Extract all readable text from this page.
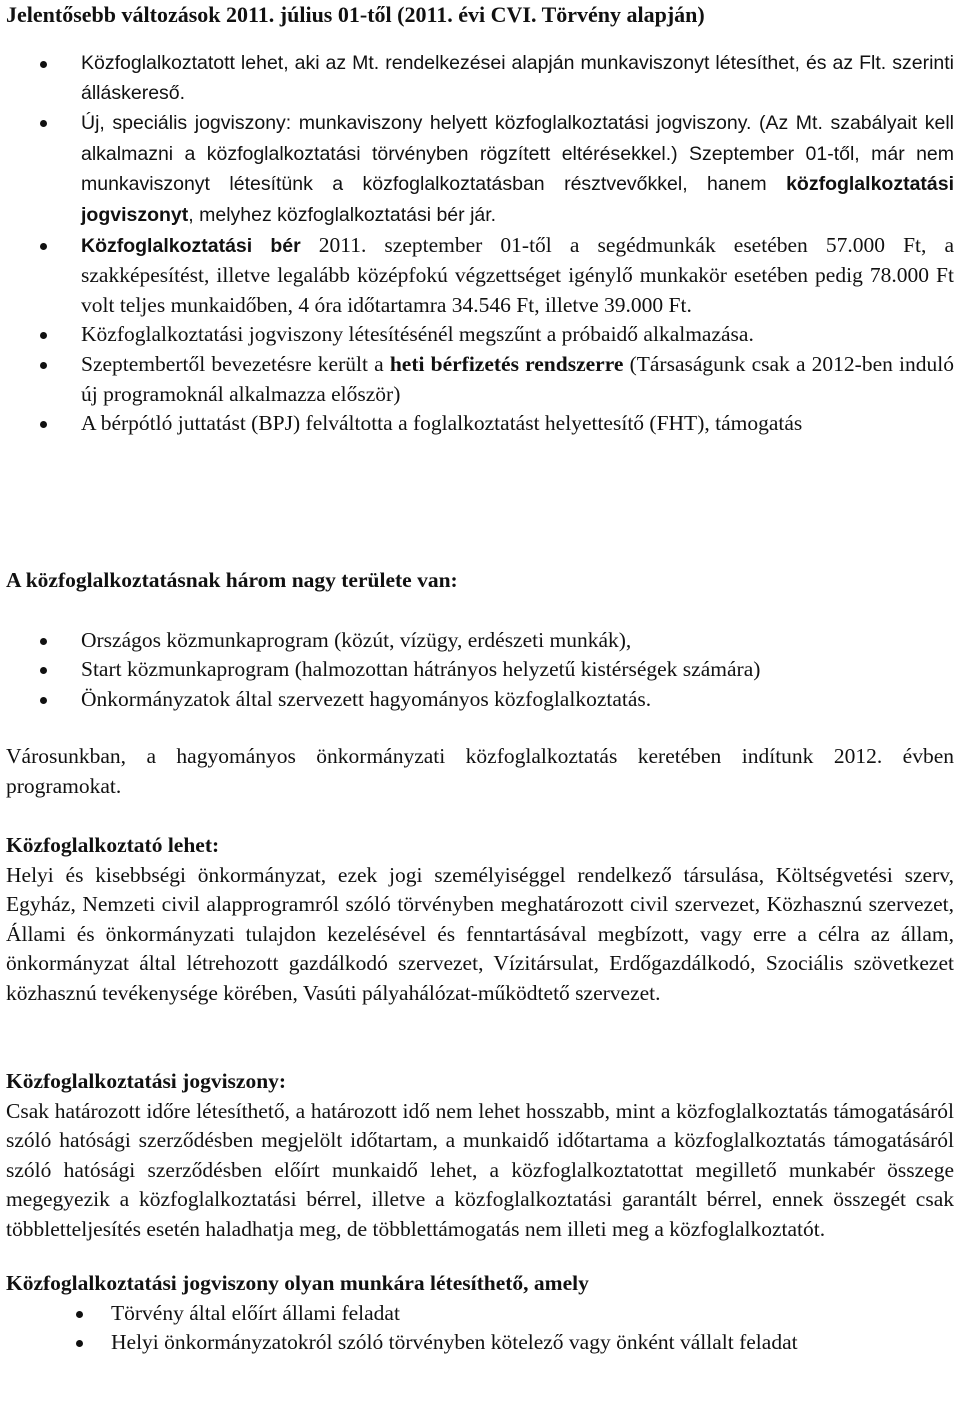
Jelentősebb változások 2011. július 01-től (2011. évi CVI. Törvény alapján)
Közfoglalkoztatott lehet, aki az Mt. rendelkezései alapján munkaviszonyt létesíthet, és az Flt. szerinti álláskereső.
Új, speciális jogviszony: munkaviszony helyett közfoglalkoztatási jogviszony. (Az Mt. szabályait kell alkalmazni a közfoglalkoztatási törvényben rögzített eltérésekkel.) Szeptember 01-től, már nem munkaviszonyt létesítünk a közfoglalkoztatásban résztvevőkkel, hanem közfoglalkoztatási jogviszonyt, melyhez közfoglalkoztatási bér jár.
Közfoglalkoztatási bér 2011. szeptember 01-től a segédmunkák esetében 57.000 Ft, a szakképesítést, illetve legalább középfokú végzettséget igénylő munkakör esetében pedig 78.000 Ft volt teljes munkaidőben, 4 óra időtartamra 34.546 Ft, illetve 39.000 Ft.
Közfoglalkoztatási jogviszony létesítésénél megszűnt a próbaidő alkalmazása.
Szeptembertől bevezetésre került a heti bérfizetés rendszerre (Társaságunk csak a 2012-ben induló új programoknál alkalmazza először)
A bérpótló juttatást (BPJ) felváltotta a foglalkoztatást helyettesítő (FHT), támogatás
A közfoglalkoztatásnak három nagy területe van:
Országos közmunkaprogram (közút, vízügy, erdészeti munkák),
Start közmunkaprogram (halmozottan hátrányos helyzetű kistérségek számára)
Önkormányzatok által szervezett hagyományos közfoglalkoztatás.

Városunkban, a hagyományos önkormányzati közfoglalkoztatás keretében indítunk 2012. évben programokat.

Közfoglalkoztató lehet:

Helyi és kisebbségi önkormányzat, ezek jogi személyiséggel rendelkező társulása, Költségvetési szerv, Egyház, Nemzeti civil alapprogramról szóló törvényben meghatározott civil szervezet, Közhasznú szervezet, Állami és önkormányzati tulajdon kezelésével és fenntartásával megbízott, vagy erre a célra az állam, önkormányzat által létrehozott gazdálkodó szervezet, Vízitársulat, Erdőgazdálkodó, Szociális szövetkezet közhasznú tevékenysége körében, Vasúti pályahálózat-működtető szervezet.

Közfoglalkoztatási jogviszony:

Csak határozott időre létesíthető, a határozott idő nem lehet hosszabb, mint a közfoglalkoztatás támogatásáról szóló hatósági szerződésben megjelölt időtartam, a munkaidő időtartama a közfoglalkoztatás támogatásáról szóló hatósági szerződésben előírt munkaidő lehet, a közfoglalkoztatottat megillető munkabér összege megegyezik a közfoglalkoztatási bérrel, illetve a közfoglalkoztatási garantált bérrel, ennek összegét csak többletteljesítés esetén haladhatja meg, de többlettámogatás nem illeti meg a közfoglalkoztatót.

Közfoglalkoztatási jogviszony olyan munkára létesíthető, amely
Törvény által előírt állami feladat
Helyi önkormányzatokról szóló törvényben kötelező vagy önként vállalt feladat
